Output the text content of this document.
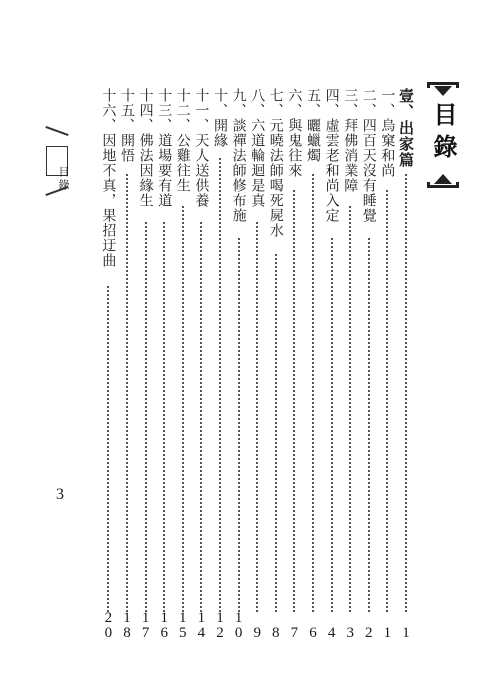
目錄
壹、出家篇
1
一、烏窠和尚
1
二、四百天沒有睡覺
2
三、拜佛消業障
3
四、虛雲老和尚入定
4
五、曬蠟燭
6
六、與鬼往來
7
七、元曉法師喝死屍水
8
八、六道輪迴是真
9
九、談禪法師修布施
10
十、開緣
12
十一、天人送供養
14
十二、公雞往生
15
十三、道場要有道
16
十四、佛法因緣生
17
十五、開悟
18
十六、因地不真，果招迂曲
20
目錄
3
